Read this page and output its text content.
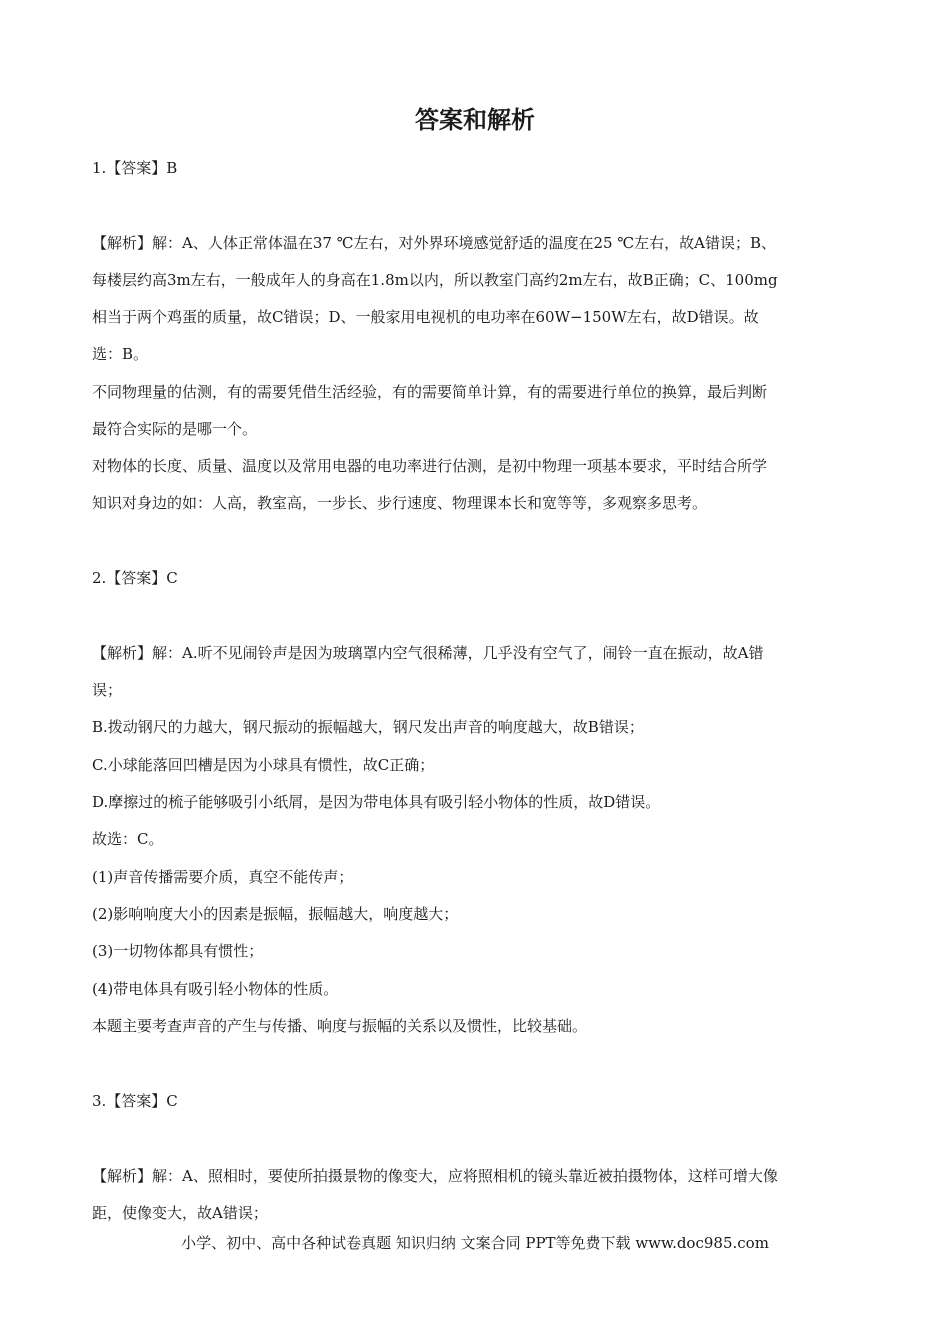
答案和解析
1.【答案】B
【解析】解：A、人体正常体温在37 ℃左右，对外界环境感觉舒适的温度在25 ℃左右，故A错误；B、
每楼层约高3m左右，一般成年人的身高在1.8m以内，所以教室门高约2m左右，故B正确；C、100mg
相当于两个鸡蛋的质量，故C错误；D、一般家用电视机的电功率在60W−150W左右，故D错误。故
选：B。
不同物理量的估测，有的需要凭借生活经验，有的需要简单计算，有的需要进行单位的换算，最后判断
最符合实际的是哪一个。
对物体的长度、质量、温度以及常用电器的电功率进行估测，是初中物理一项基本要求，平时结合所学
知识对身边的如：人高，教室高，一步长、步行速度、物理课本长和宽等等，多观察多思考。
2.【答案】C
【解析】解：A.听不见闹铃声是因为玻璃罩内空气很稀薄，几乎没有空气了，闹铃一直在振动，故A错
误；
B.拨动钢尺的力越大，钢尺振动的振幅越大，钢尺发出声音的响度越大，故B错误；
C.小球能落回凹槽是因为小球具有惯性，故C正确；
D.摩擦过的梳子能够吸引小纸屑，是因为带电体具有吸引轻小物体的性质，故D错误。
故选：C。
(1)声音传播需要介质，真空不能传声；
(2)影响响度大小的因素是振幅，振幅越大，响度越大；
(3)一切物体都具有惯性；
(4)带电体具有吸引轻小物体的性质。
本题主要考查声音的产生与传播、响度与振幅的关系以及惯性，比较基础。
3.【答案】C
【解析】解：A、照相时，要使所拍摄景物的像变大，应将照相机的镜头靠近被拍摄物体，这样可增大像
距，使像变大，故A错误；
小学、初中、高中各种试卷真题 知识归纳 文案合同 PPT等免费下载 www.doc985.com
